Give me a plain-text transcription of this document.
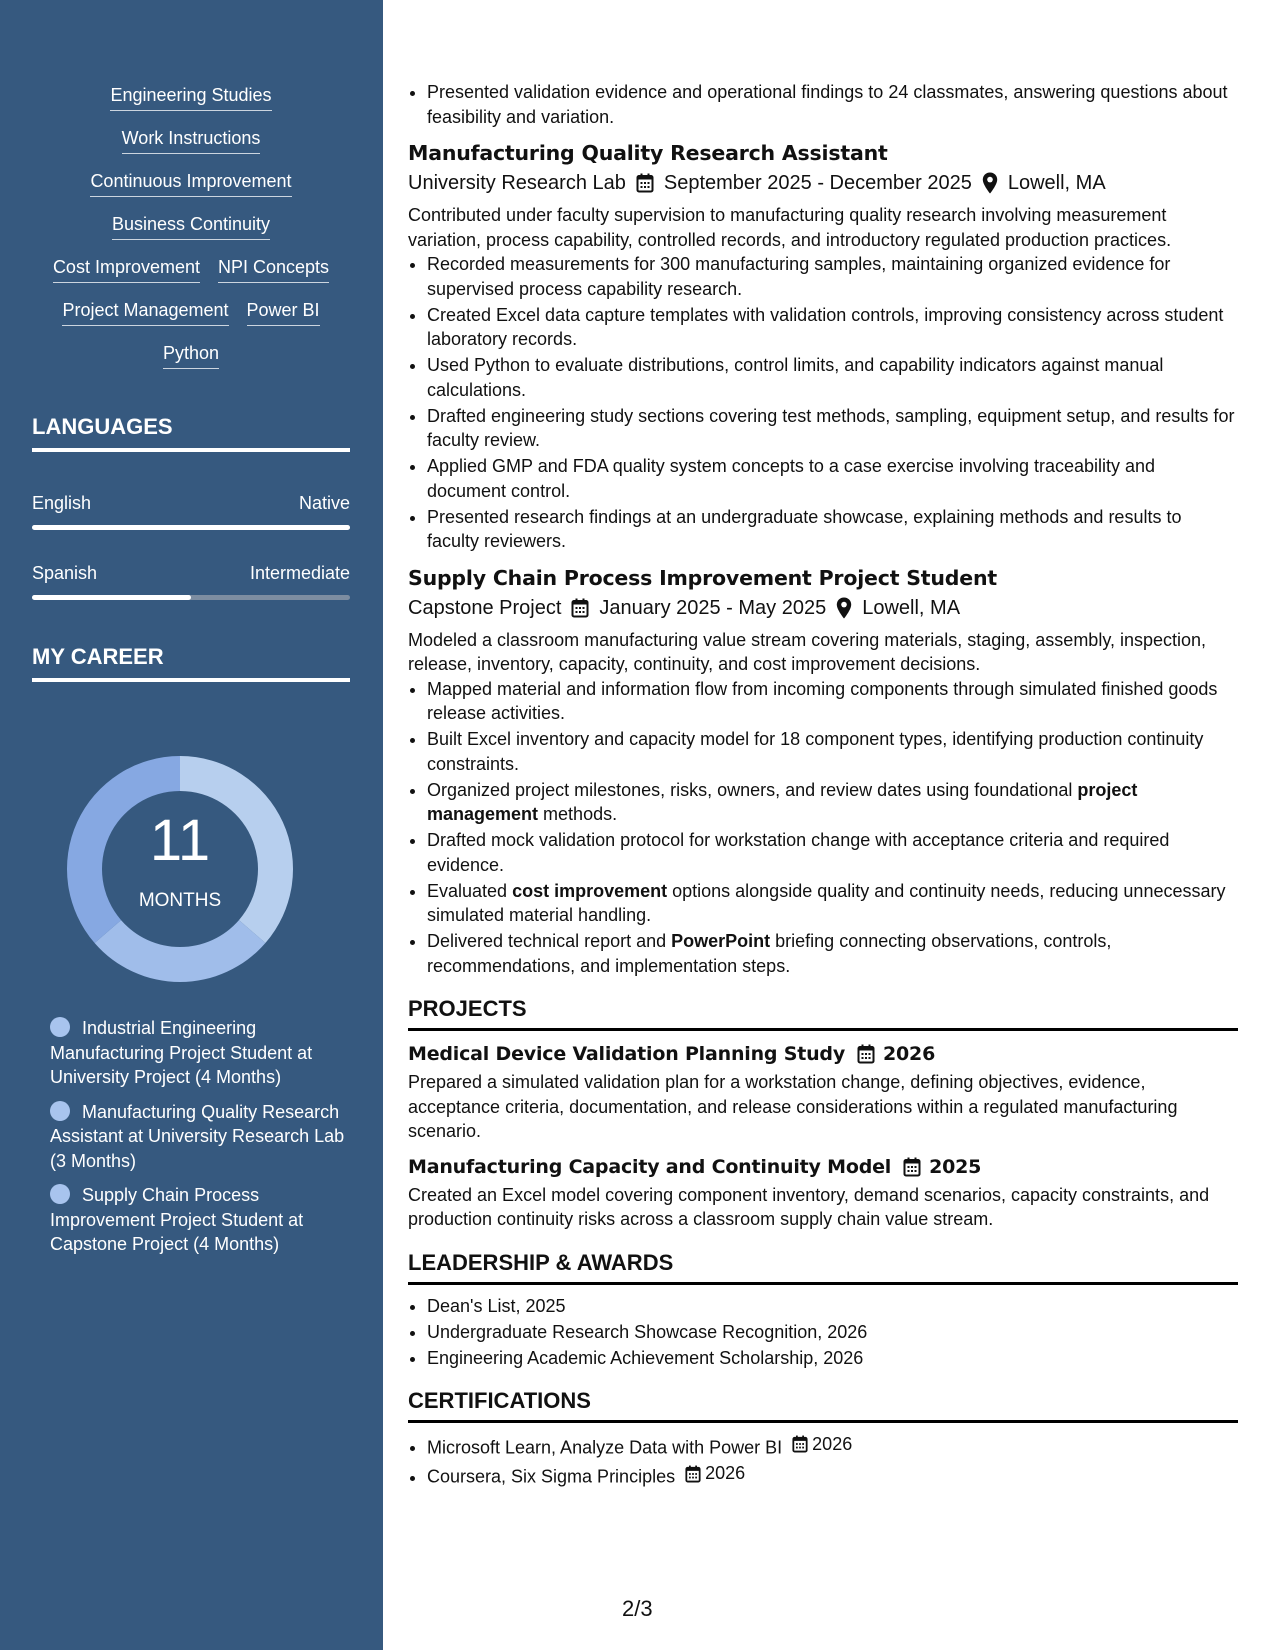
Engineering Studies
Work Instructions
Continuous Improvement
Business Continuity
Cost Improvement NPI Concepts
Project Management Power BI
Python
LANGUAGES
English	Native
Spanish	Intermediate
MY CAREER
11
MONTHS
Industrial Engineering Manufacturing Project Student at University Project (4 Months)
Manufacturing Quality Research Assistant at University Research Lab (3 Months)
Supply Chain Process Improvement Project Student at Capstone Project (4 Months)
• Presented validation evidence and operational findings to 24 classmates, answering questions about feasibility and variation.
Manufacturing Quality Research Assistant
University Research Lab September 2025 - December 2025 Lowell, MA
Contributed under faculty supervision to manufacturing quality research involving measurement variation, process capability, controlled records, and introductory regulated production practices.
• Recorded measurements for 300 manufacturing samples, maintaining organized evidence for supervised process capability research.
• Created Excel data capture templates with validation controls, improving consistency across student laboratory records.
• Used Python to evaluate distributions, control limits, and capability indicators against manual calculations.
• Drafted engineering study sections covering test methods, sampling, equipment setup, and results for faculty review.
• Applied GMP and FDA quality system concepts to a case exercise involving traceability and document control.
• Presented research findings at an undergraduate showcase, explaining methods and results to faculty reviewers.
Supply Chain Process Improvement Project Student
Capstone Project January 2025 - May 2025 Lowell, MA
Modeled a classroom manufacturing value stream covering materials, staging, assembly, inspection, release, inventory, capacity, continuity, and cost improvement decisions.
• Mapped material and information flow from incoming components through simulated finished goods release activities.
• Built Excel inventory and capacity model for 18 component types, identifying production continuity constraints.
• Organized project milestones, risks, owners, and review dates using foundational project management methods.
• Drafted mock validation protocol for workstation change with acceptance criteria and required evidence.
• Evaluated cost improvement options alongside quality and continuity needs, reducing unnecessary simulated material handling.
• Delivered technical report and PowerPoint briefing connecting observations, controls, recommendations, and implementation steps.
PROJECTS
Medical Device Validation Planning Study 2026
Prepared a simulated validation plan for a workstation change, defining objectives, evidence, acceptance criteria, documentation, and release considerations within a regulated manufacturing scenario.
Manufacturing Capacity and Continuity Model 2025
Created an Excel model covering component inventory, demand scenarios, capacity constraints, and production continuity risks across a classroom supply chain value stream.
LEADERSHIP & AWARDS
• Dean's List, 2025
• Undergraduate Research Showcase Recognition, 2026
• Engineering Academic Achievement Scholarship, 2026
CERTIFICATIONS
• Microsoft Learn, Analyze Data with Power BI 2026
• Coursera, Six Sigma Principles 2026
2/3
